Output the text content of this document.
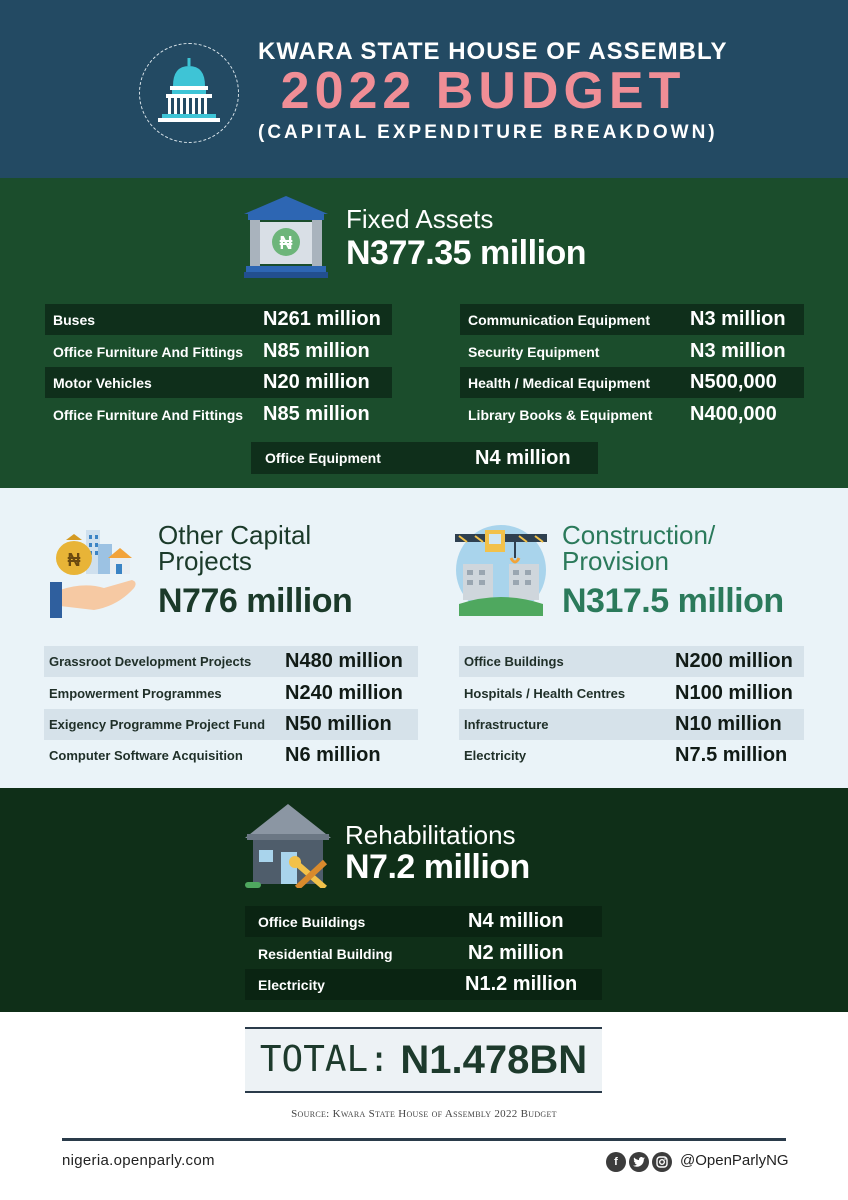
KWARA STATE HOUSE OF ASSEMBLY
2022 BUDGET
(CAPITAL EXPENDITURE BREAKDOWN)
₦
Fixed Assets
N377.35 million
Buses	N261 million
Office Furniture And Fittings N85 million
Motor Vehicles	N20 million
Office Furniture And Fittings N85 million
Communication Equipment N3 million
Security Equipment	N3 million
Health / Medical Equipment N500,000
Library Books & Equipment N400,000
Office Equipment	N4 million
₦
Other Capital
Projects
N776 million
Construction/
Provision
N317.5 million
Grassroot Development Projects N480 million
Empowerment Programmes	N240 million
Exigency Programme Project Fund N50 million
Computer Software Acquisition N6 million
Office Buildings	N200 million
Hospitals / Health Centres N100 million
Infrastructure	N10 million
Electricity	N7.5 million
Rehabilitations
N7.2 million
Office Buildings	N4 million
Residential Building	N2 million
Electricity	N1.2 million
TOTAL: N1.478BN
Source: Kwara State House of Assembly 2022 Budget
nigeria.openparly.com	f	@OpenParlyNG
